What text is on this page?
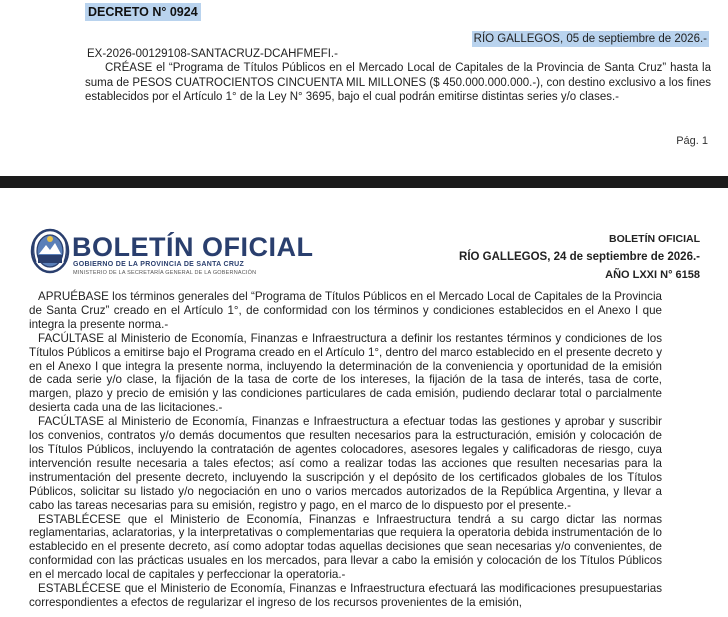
DECRETO N° 0924
RÍO GALLEGOS, 05 de septiembre de 2026.-
EX-2026-00129108-SANTACRUZ-DCAHFMEFI.-
CRÉASE el “Programa de Títulos Públicos en el Mercado Local de Capitales de la Provincia de Santa Cruz” hasta la suma de PESOS CUATROCIENTOS CINCUENTA MIL MILLONES ($ 450.000.000.000.-), con destino exclusivo a los fines establecidos por el Artículo 1° de la Ley N° 3695, bajo el cual podrán emitirse distintas series y/o clases.-
Pág. 1
BOLETÍN OFICIAL
GOBIERNO DE LA PROVINCIA DE SANTA CRUZ
MINISTERIO DE LA SECRETARÍA GENERAL DE LA GOBERNACIÓN
BOLETÍN OFICIAL
RÍO GALLEGOS, 24 de septiembre de 2026.-
AÑO LXXI N° 6158

APRUÉBASE los términos generales del “Programa de Títulos Públicos en el Mercado Local de Capitales de la Provincia de Santa Cruz” creado en el Artículo 1°, de conformidad con los términos y condiciones establecidos en el Anexo I que integra la presente norma.-

FACÚLTASE al Ministerio de Economía, Finanzas e Infraestructura a definir los restantes términos y condiciones de los Títulos Públicos a emitirse bajo el Programa creado en el Artículo 1°, dentro del marco establecido en el presente decreto y en el Anexo I que integra la presente norma, incluyendo la determinación de la conveniencia y oportunidad de la emisión de cada serie y/o clase, la fijación de la tasa de corte de los intereses, la fijación de la tasa de interés, tasa de corte, margen, plazo y precio de emisión y las condiciones particulares de cada emisión, pudiendo declarar total o parcialmente desierta cada una de las licitaciones.-

FACÚLTASE al Ministerio de Economía, Finanzas e Infraestructura a efectuar todas las gestiones y aprobar y suscribir los convenios, contratos y/o demás documentos que resulten necesarios para la estructuración, emisión y colocación de los Títulos Públicos, incluyendo la contratación de agentes colocadores, asesores legales y calificadoras de riesgo, cuya intervención resulte necesaria a tales efectos; así como a realizar todas las acciones que resulten necesarias para la instrumentación del presente decreto, incluyendo la suscripción y el depósito de los certificados globales de los Títulos Públicos, solicitar su listado y/o negociación en uno o varios mercados autorizados de la República Argentina, y llevar a cabo las tareas necesarias para su emisión, registro y pago, en el marco de lo dispuesto por el presente.-

ESTABLÉCESE que el Ministerio de Economía, Finanzas e Infraestructura tendrá a su cargo dictar las normas reglamentarias, aclaratorias, y la interpretativas o complementarias que requiera la operatoria debida instrumentación de lo establecido en el presente decreto, así como adoptar todas aquellas decisiones que sean necesarias y/o convenientes, de conformidad con las prácticas usuales en los mercados, para llevar a cabo la emisión y colocación de los Títulos Públicos en el mercado local de capitales y perfeccionar la operatoria.-

ESTABLÉCESE que el Ministerio de Economía, Finanzas e Infraestructura efectuará las modificaciones presupuestarias correspondientes a efectos de regularizar el ingreso de los recursos provenientes de la emisión,
